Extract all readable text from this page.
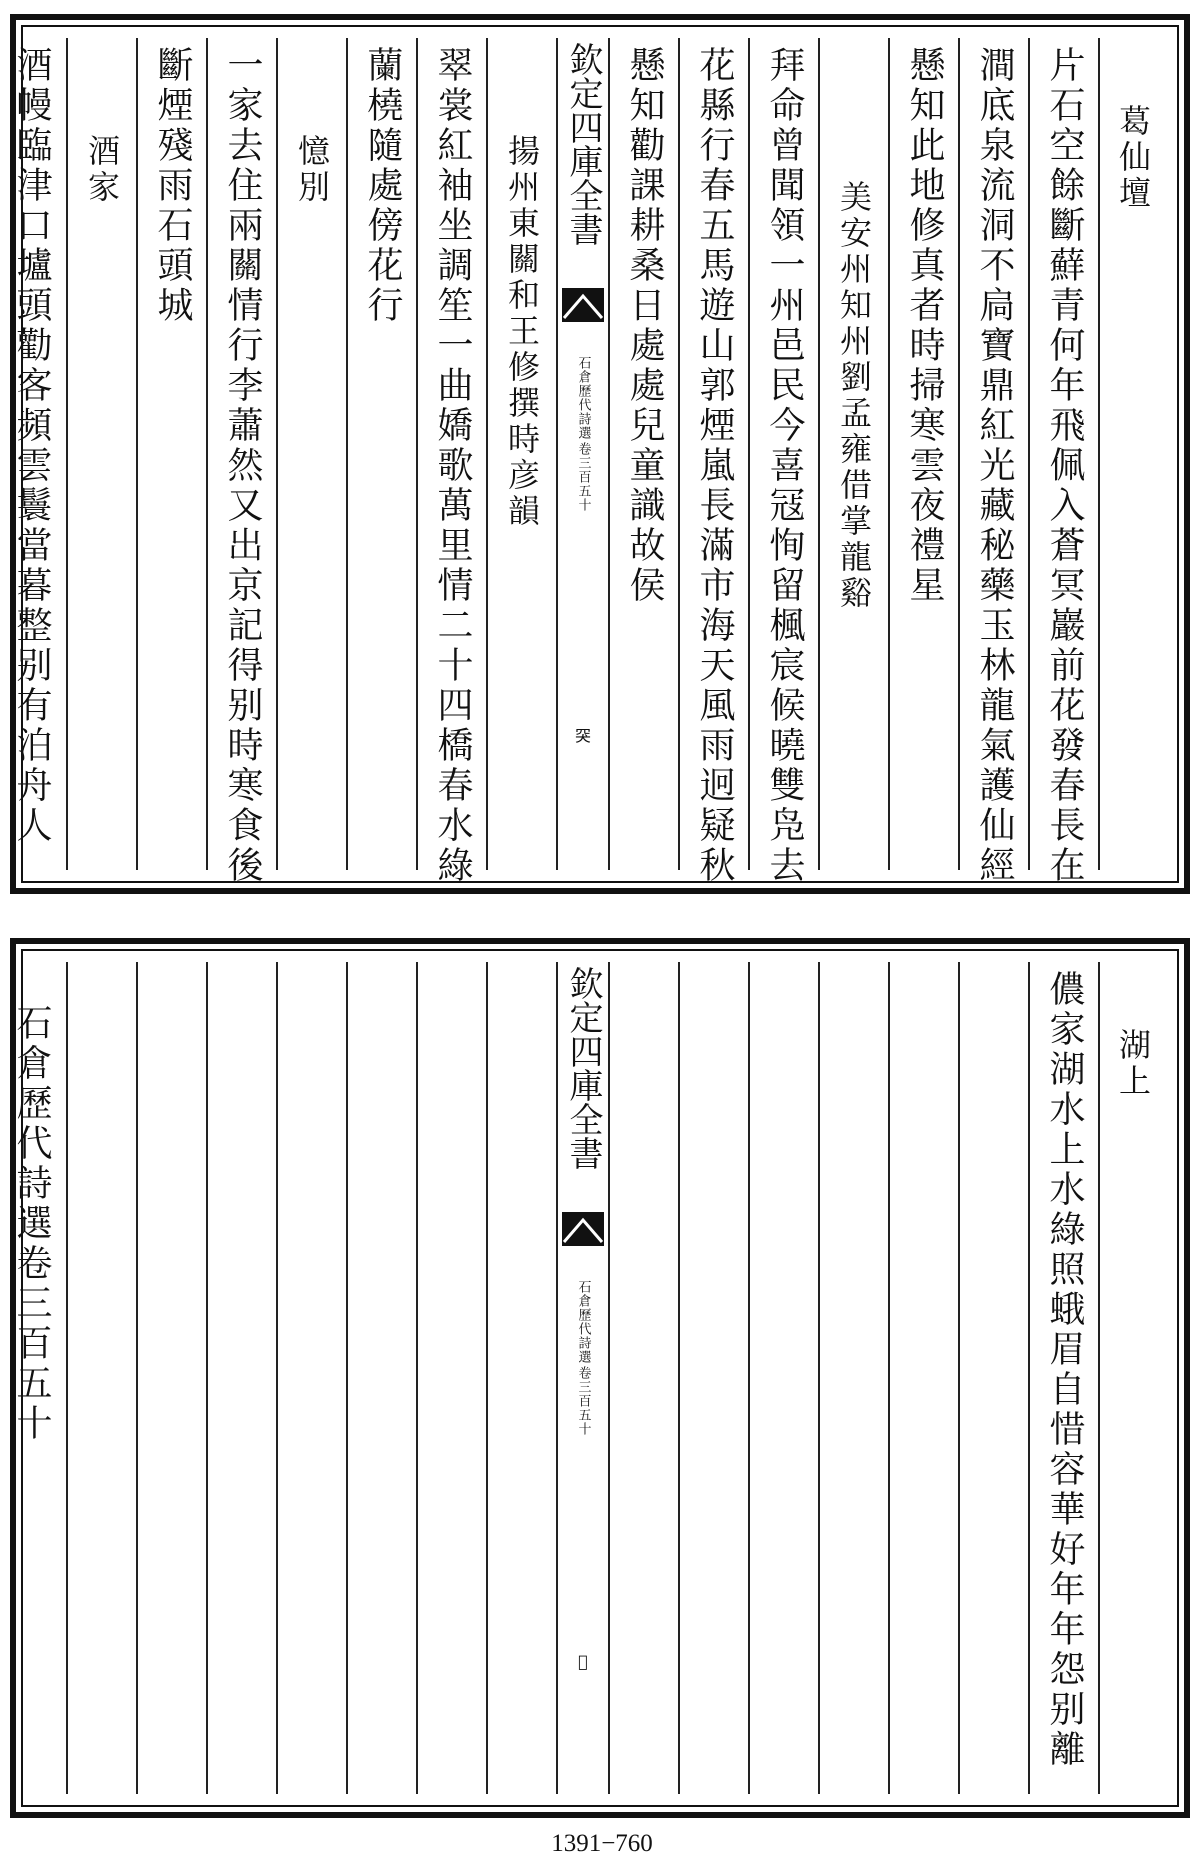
葛仙壇
片石空餘斷蘚青何年飛佩入蒼冥巖前花發春長在
澗底泉流洞不扃寶鼎紅光藏秘藥玉林龍氣護仙經
懸知此地修真者時掃寒雲夜禮星
美安州知州劉孟雍借掌龍谿
拜命曾聞領一州邑民今喜冦恂留楓宸候曉雙凫去
花縣行春五馬遊山郭煙嵐長滿市海天風雨迥疑秋
懸知勸課耕桑日處處兒童識故侯
欽定四庫全書
石倉歷代詩選
卷三百五十
𦊅
揚州東關和王修撰時彦韻
翠裳紅袖坐調笙一曲嬌歌萬里情二十四橋春水綠
蘭橈隨處傍花行
憶別
一家去住兩關情行李蕭然又出京記得别時寒食後
斷煙殘雨石頭城
酒家
酒幔臨津口壚頭勸客頻雲鬟當暮整别有泊舟人
湖上
儂家湖水上水綠照蛾眉自惜容華好年年怨别離
欽定四庫全書
石倉歷代詩選
卷三百五十
𦊶
石倉歷代詩選卷三百五十
1391−760
